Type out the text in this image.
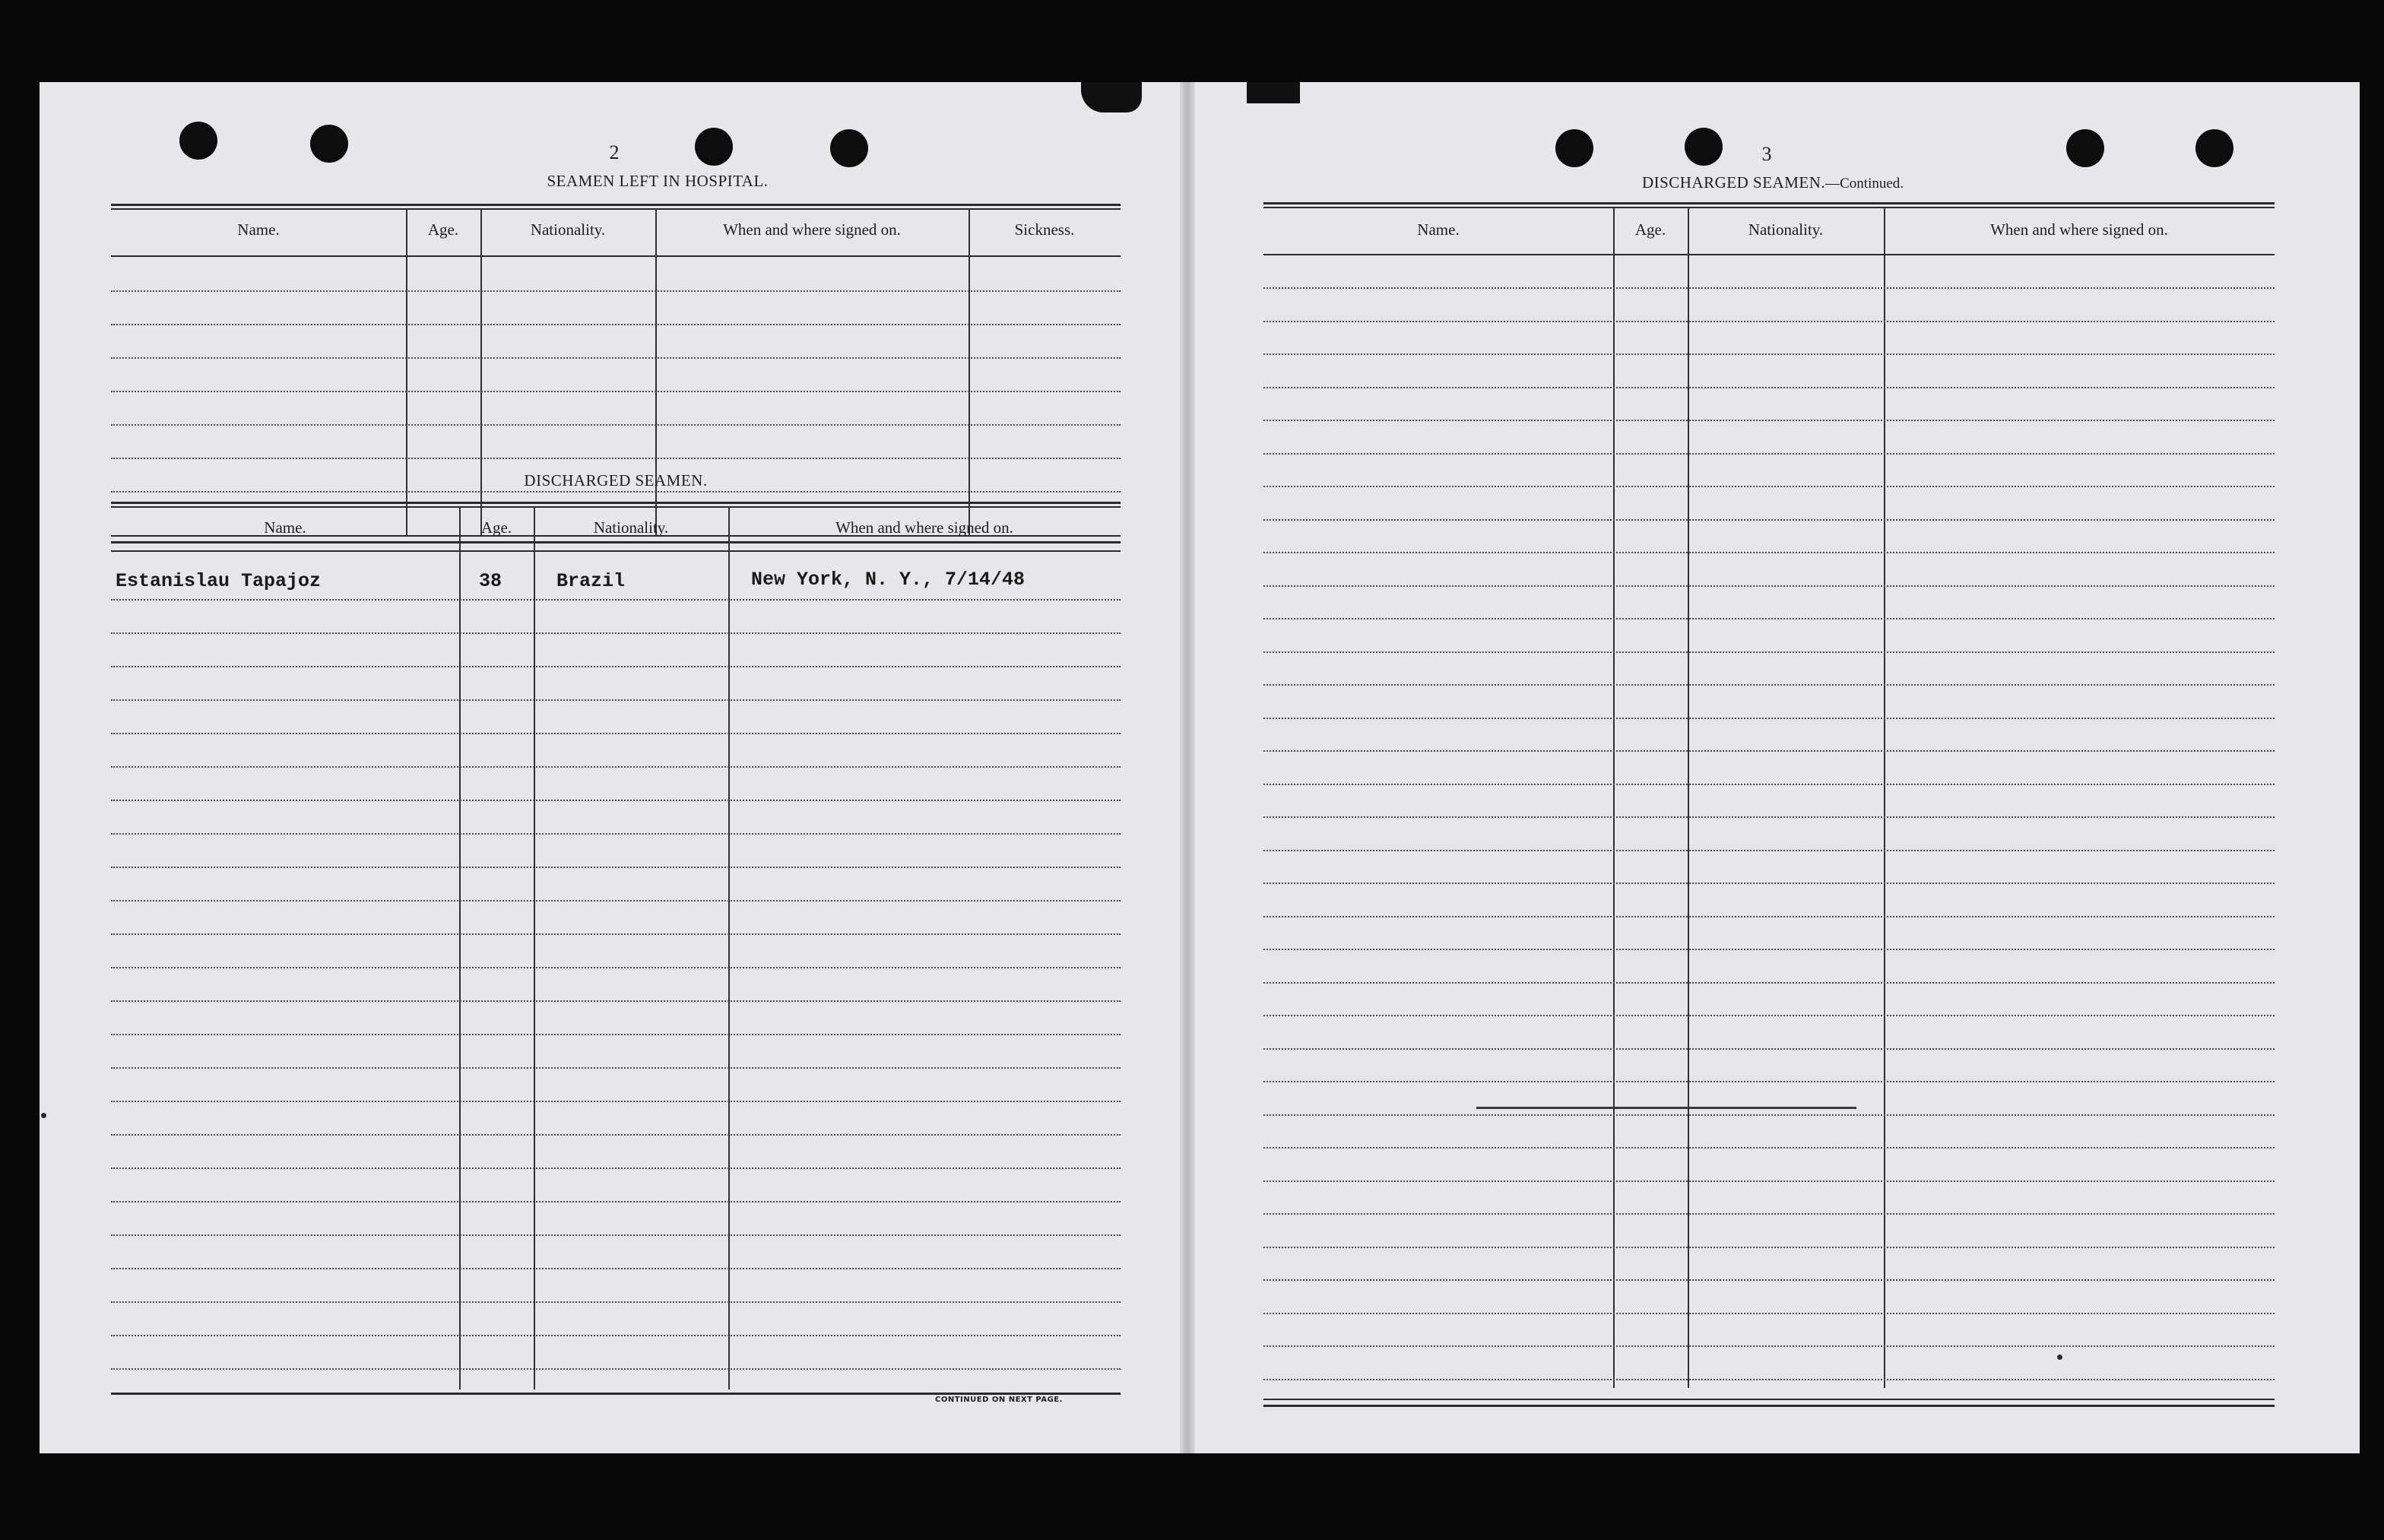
2
SEAMEN LEFT IN HOSPITAL.
Name.	Age.	Nationality.	When and where signed on.	Sickness.
DISCHARGED SEAMEN.
Name.	Age.	Nationality.	When and where signed on.
Estanislau Tapajoz	38	Brazil	New York, N. Y., 7/14/48
CONTINUED ON NEXT PAGE.
3
DISCHARGED SEAMEN.—Continued.
Name.	Age.	Nationality.	When and where signed on.
